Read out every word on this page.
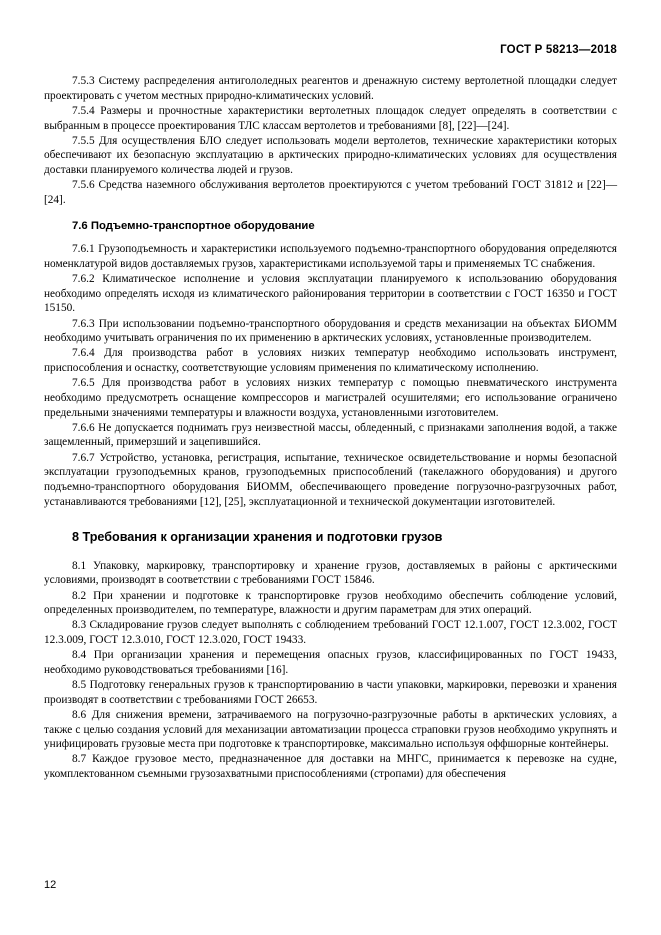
ГОСТ Р 58213—2018

7.5.3 Систему распределения антигололедных реагентов и дренажную систему вертолетной площадки следует проектировать с учетом местных природно-климатических условий.

7.5.4 Размеры и прочностные характеристики вертолетных площадок следует определять в соответствии с выбранным в процессе проектирования ТЛС классам вертолетов и требованиями [8], [22]—[24].

7.5.5 Для осуществления БЛО следует использовать модели вертолетов, технические характеристики которых обеспечивают их безопасную эксплуатацию в арктических природно-климатических условиях для осуществления доставки планируемого количества людей и грузов.

7.5.6 Средства наземного обслуживания вертолетов проектируются с учетом требований ГОСТ 31812 и [22]—[24].

7.6 Подъемно-транспортное оборудование

7.6.1 Грузоподъемность и характеристики используемого подъемно-транспортного оборудования определяются номенклатурой видов доставляемых грузов, характеристиками используемой тары и применяемых ТС снабжения.

7.6.2 Климатическое исполнение и условия эксплуатации планируемого к использованию оборудования необходимо определять исходя из климатического районирования территории в соответствии с ГОСТ 16350 и ГОСТ 15150.

7.6.3 При использовании подъемно-транспортного оборудования и средств механизации на объектах БИОММ необходимо учитывать ограничения по их применению в арктических условиях, установленные производителем.

7.6.4 Для производства работ в условиях низких температур необходимо использовать инструмент, приспособления и оснастку, соответствующие условиям применения по климатическому исполнению.

7.6.5 Для производства работ в условиях низких температур с помощью пневматического инструмента необходимо предусмотреть оснащение компрессоров и магистралей осушителями; его использование ограничено предельными значениями температуры и влажности воздуха, установленными изготовителем.

7.6.6 Не допускается поднимать груз неизвестной массы, обледенный, с признаками заполнения водой, а также защемленный, примерзший и зацепившийся.

7.6.7 Устройство, установка, регистрация, испытание, техническое освидетельствование и нормы безопасной эксплуатации грузоподъемных кранов, грузоподъемных приспособлений (такелажного оборудования) и другого подъемно-транспортного оборудования БИОММ, обеспечивающего проведение погрузочно-разгрузочных работ, устанавливаются требованиями [12], [25], эксплуатационной и технической документации изготовителей.

8 Требования к организации хранения и подготовки грузов

8.1 Упаковку, маркировку, транспортировку и хранение грузов, доставляемых в районы с арктическими условиями, производят в соответствии с требованиями ГОСТ 15846.

8.2 При хранении и подготовке к транспортировке грузов необходимо обеспечить соблюдение условий, определенных производителем, по температуре, влажности и другим параметрам для этих операций.

8.3 Складирование грузов следует выполнять с соблюдением требований ГОСТ 12.1.007, ГОСТ 12.3.002, ГОСТ 12.3.009, ГОСТ 12.3.010, ГОСТ 12.3.020, ГОСТ 19433.

8.4 При организации хранения и перемещения опасных грузов, классифицированных по ГОСТ 19433, необходимо руководствоваться требованиями [16].

8.5 Подготовку генеральных грузов к транспортированию в части упаковки, маркировки, перевозки и хранения производят в соответствии с требованиями ГОСТ 26653.

8.6 Для снижения времени, затрачиваемого на погрузочно-разгрузочные работы в арктических условиях, а также с целью создания условий для механизации автоматизации процесса страповки грузов необходимо укрупнять и унифицировать грузовые места при подготовке к транспортировке, максимально используя оффшорные контейнеры.

8.7 Каждое грузовое место, предназначенное для доставки на МНГС, принимается к перевозке на судне, укомплектованном съемными грузозахватными приспособлениями (стропами) для обеспечения

12
